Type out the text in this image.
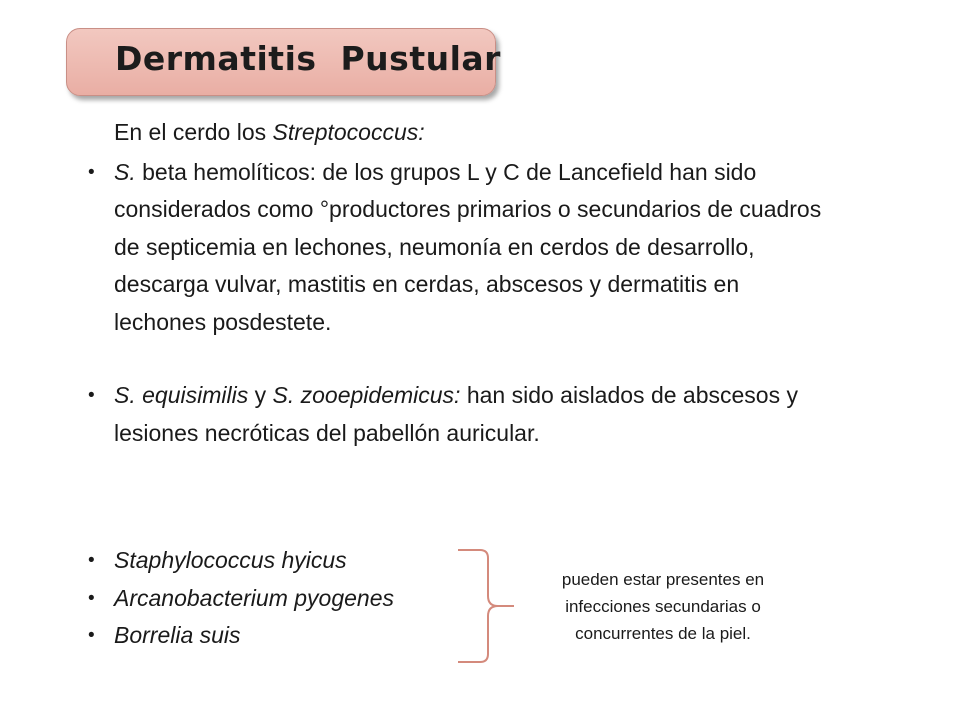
Dermatitis  Pustular
En el cerdo los Streptococcus:
• S. beta hemolíticos: de los grupos L y C de Lancefield han sido considerados como °productores primarios o secundarios de cuadros de septicemia en lechones, neumonía en cerdos de desarrollo, descarga vulvar, mastitis en cerdas, abscesos y dermatitis en lechones posdestete.
• S. equisimilis y S. zooepidemicus: han sido aislados de abscesos y lesiones necróticas del pabellón auricular.
• Staphylococcus hyicus
• Arcanobacterium pyogenes
• Borrelia suis
pueden estar presentes en infecciones secundarias o concurrentes de la piel.
